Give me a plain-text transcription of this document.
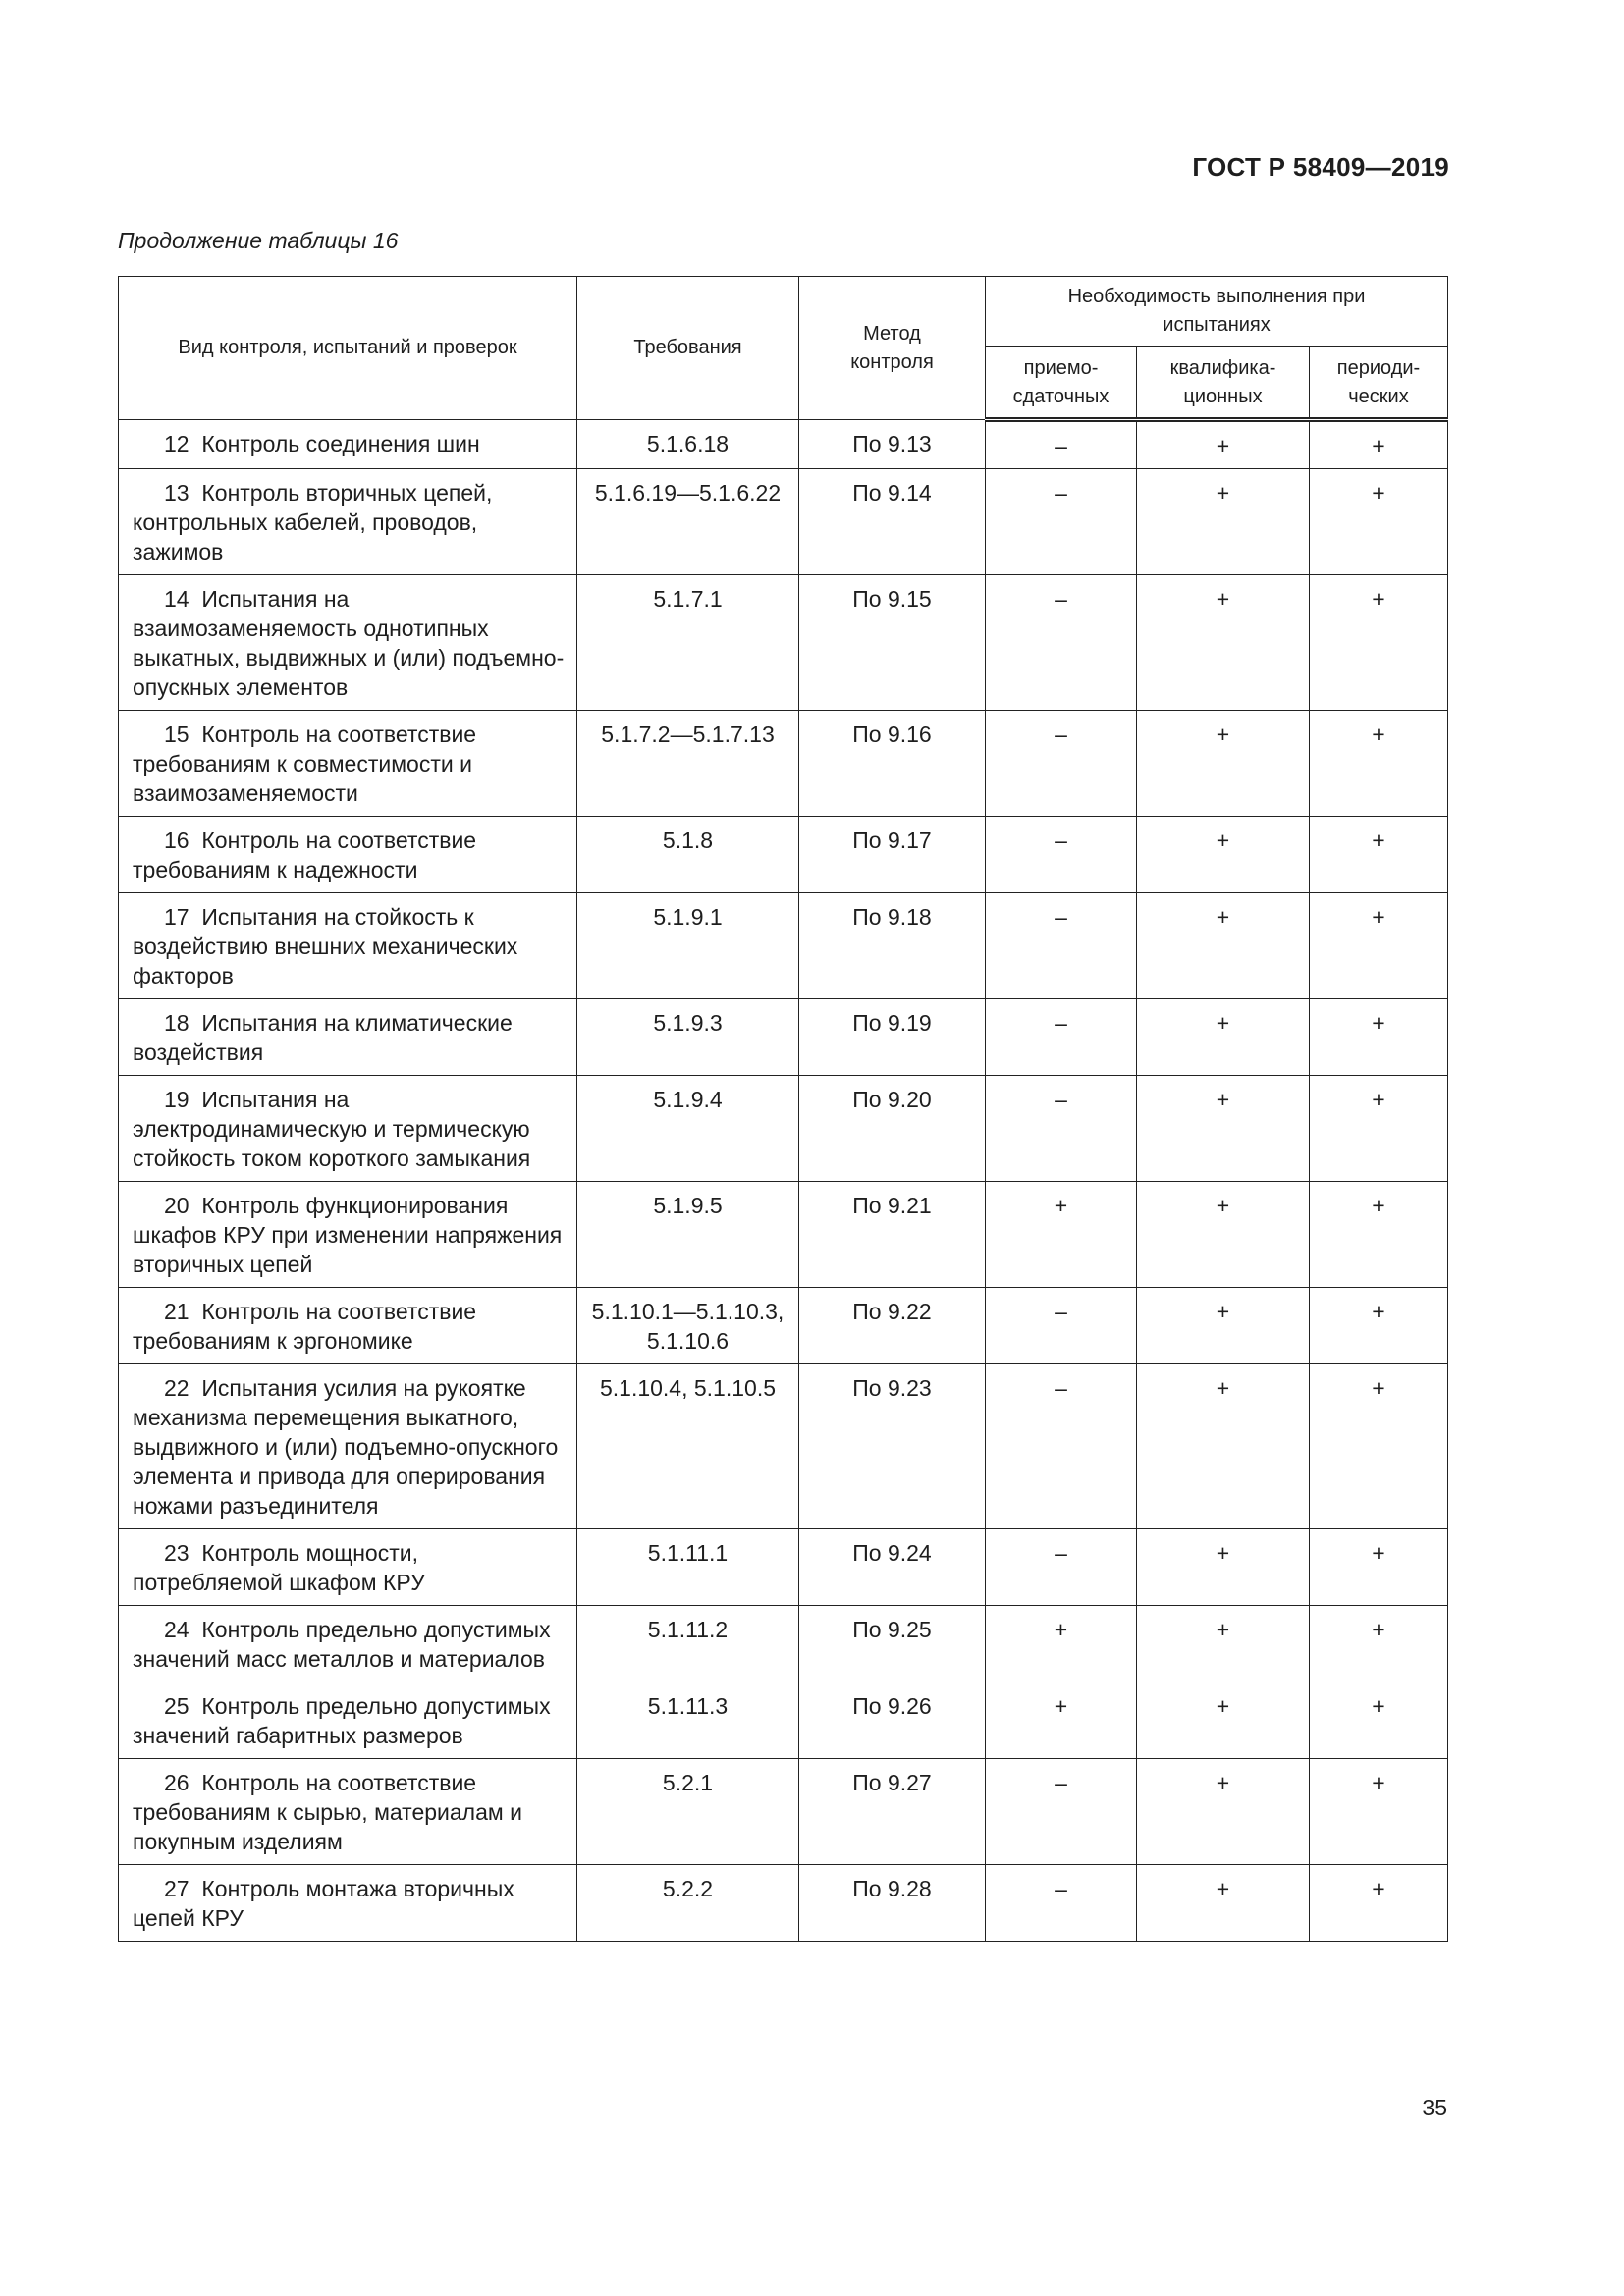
ГОСТ Р 58409—2019
Продолжение таблицы 16
Вид контроля, испытаний и проверок	Требования	Метод контроля	Необходимость выполнения при испытаниях		
			приемо-сдаточных	квалифика-ционных	периоди-ческих
12 Контроль соединения шин	5.1.6.18	По 9.13	–	+	+
13 Контроль вторичных цепей, контрольных кабелей, проводов, зажимов	5.1.6.19—5.1.6.22	По 9.14	–	+	+
14 Испытания на взаимозаменяемость однотипных выкатных, выдвижных и (или) подъемно-опускных элементов	5.1.7.1	По 9.15	–	+	+
15 Контроль на соответствие требованиям к совместимости и взаимозаменяемости	5.1.7.2—5.1.7.13	По 9.16	–	+	+
16 Контроль на соответствие требованиям к надежности	5.1.8	По 9.17	–	+	+
17 Испытания на стойкость к воздействию внешних механических факторов	5.1.9.1	По 9.18	–	+	+
18 Испытания на климатические воздействия	5.1.9.3	По 9.19	–	+	+
19 Испытания на электродинамическую и термическую стойкость током короткого замыкания	5.1.9.4	По 9.20	–	+	+
20 Контроль функционирования шкафов КРУ при изменении напряжения вторичных цепей	5.1.9.5	По 9.21	+	+	+
21 Контроль на соответствие требованиям к эргономике	5.1.10.1—5.1.10.3, 5.1.10.6	По 9.22	–	+	+
22 Испытания усилия на рукоятке механизма перемещения выкатного, выдвижного и (или) подъемно-опускного элемента и привода для оперирования ножами разъединителя	5.1.10.4, 5.1.10.5	По 9.23	–	+	+
23 Контроль мощности, потребляемой шкафом КРУ	5.1.11.1	По 9.24	–	+	+
24 Контроль предельно допустимых значений масс металлов и материалов	5.1.11.2	По 9.25	+	+	+
25 Контроль предельно допустимых значений габаритных размеров	5.1.11.3	По 9.26	+	+	+
26 Контроль на соответствие требованиям к сырью, материалам и покупным изделиям	5.2.1	По 9.27	–	+	+
27 Контроль монтажа вторичных цепей КРУ	5.2.2	По 9.28	–	+	+
35
